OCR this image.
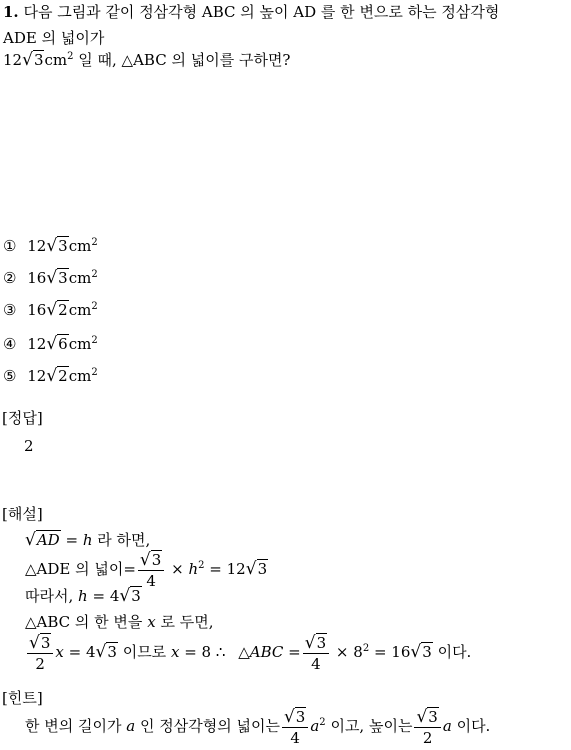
1. 다음 그림과 같이 정삼각형 ABC 의 높이 AD 를 한 변으로 하는 정삼각형
ADE 의 넓이가
$12√3cm^2$ 일 때, △ABC 의 넓이를 구하면?
① $12√3cm^2$
② $16√3cm^2$
③ $16√2cm^2$
④ $12√6cm^2$
⑤ $12√2cm^2$
[정답]
2
[해설]
√AD = h 라 하면,
△ADE 의 넓이= $\frac{√3}{4} \times h^2 = 12√3$
따라서, h = 4√3
△ABC 의 한 변을 x 로 두면,
$\frac{√3}{2}$ x = 4√3 이므로 x = 8 ∴ △ABC = $\frac{√3}{4} \times 8^2 = 16√3$ 이다.
[힌트]
한 변의 길이가 a 인 정삼각형의 넓이는 $\frac{√3}{4} a^2$ 이고, 높이는 $\frac{√3}{2}$ a 이다.
